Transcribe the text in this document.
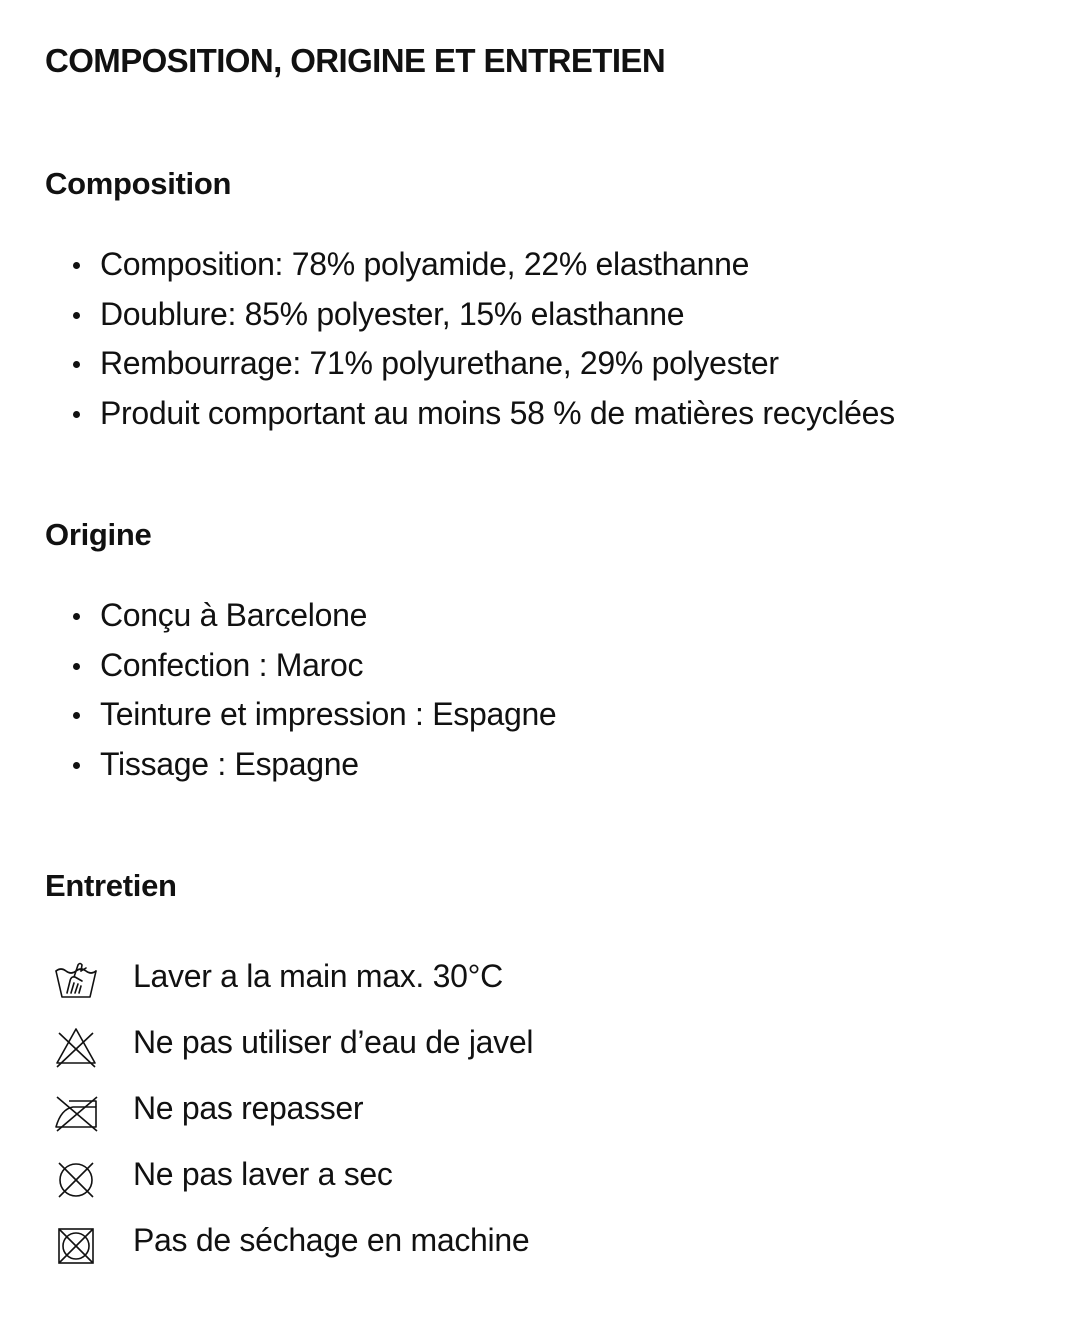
COMPOSITION, ORIGINE ET ENTRETIEN
Composition
Composition: 78% polyamide, 22% elasthanne
Doublure: 85% polyester, 15% elasthanne
Rembourrage: 71% polyurethane, 29% polyester
Produit comportant au moins 58 % de matières recyclées
Origine
Conçu à Barcelone
Confection : Maroc
Teinture et impression : Espagne
Tissage : Espagne
Entretien
Laver a la main max. 30°C
Ne pas utiliser d’eau de javel
Ne pas repasser
Ne pas laver a sec
Pas de séchage en machine
